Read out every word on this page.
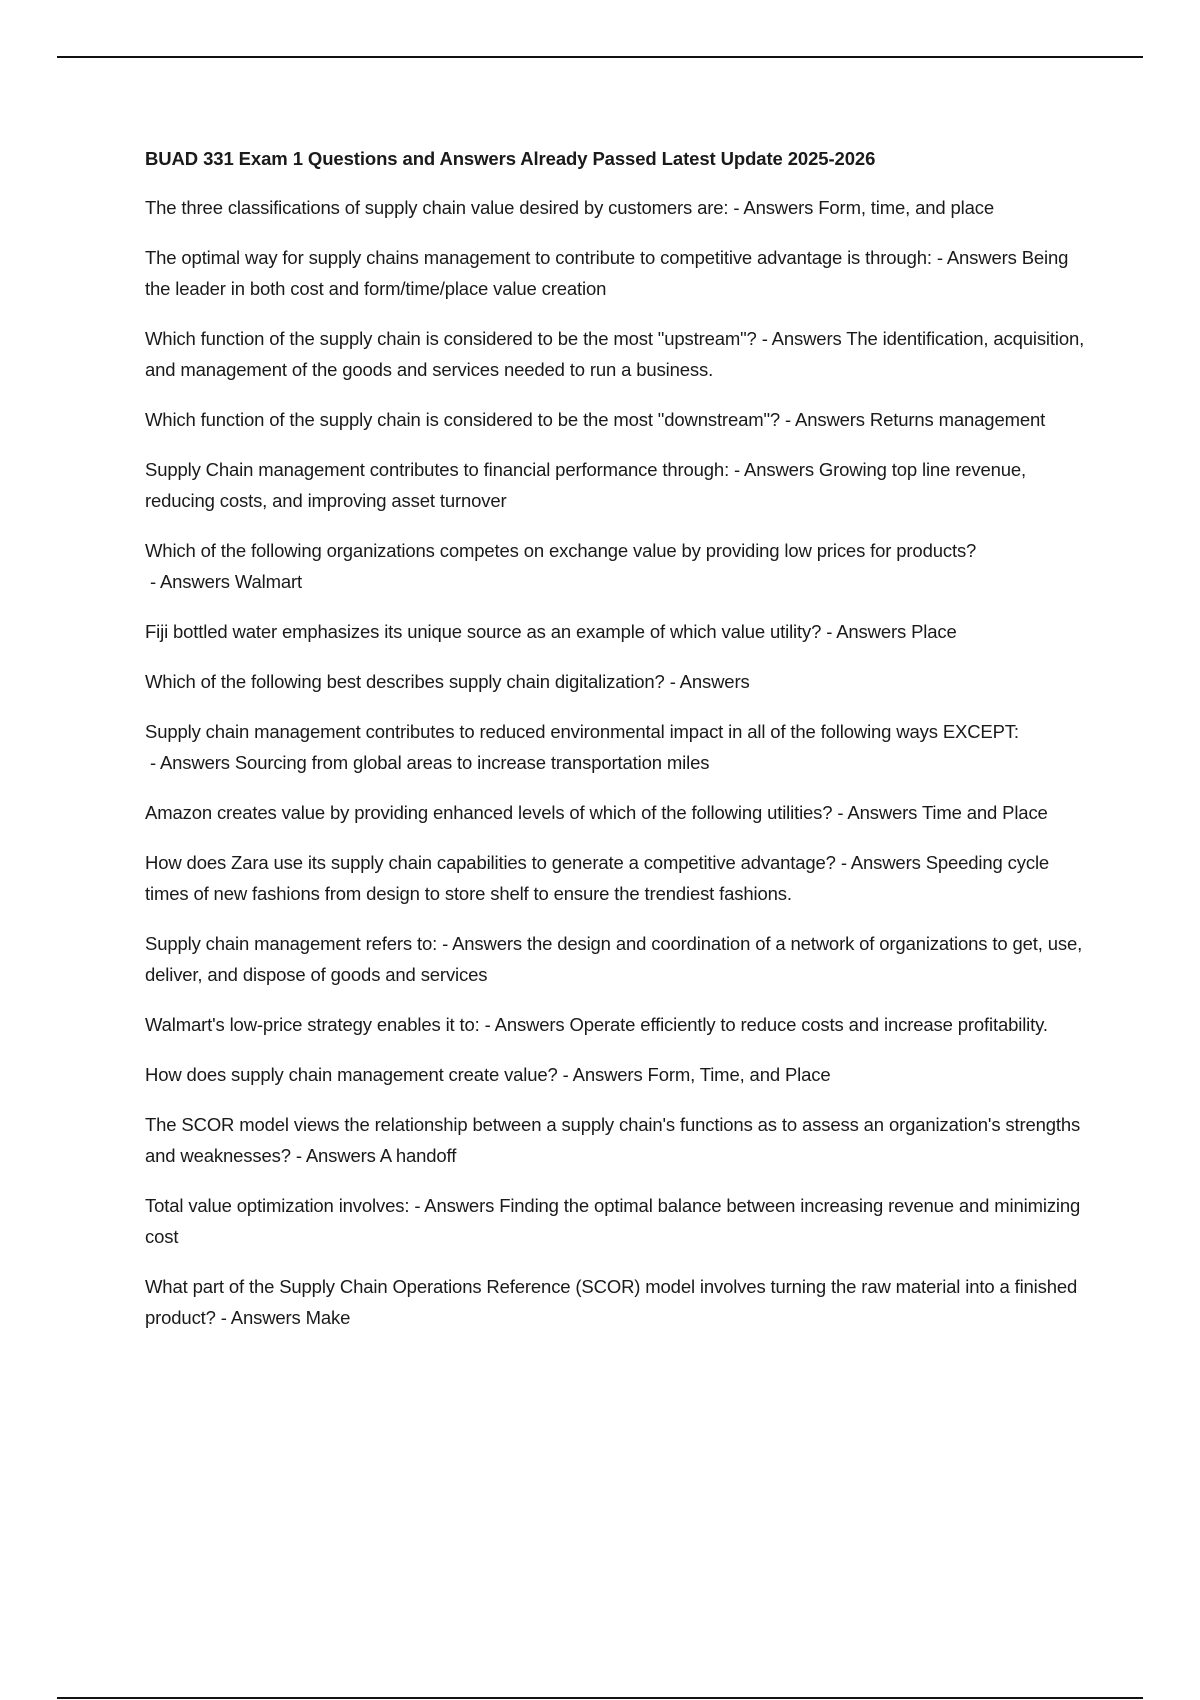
BUAD 331 Exam 1 Questions and Answers Already Passed Latest Update 2025-2026

The three classifications of supply chain value desired by customers are: - Answers Form, time, and place

The optimal way for supply chains management to contribute to competitive advantage is through: - Answers Being the leader in both cost and form/time/place value creation

Which function of the supply chain is considered to be the most "upstream"? - Answers The identification, acquisition, and management of the goods and services needed to run a business.

Which function of the supply chain is considered to be the most "downstream"? - Answers Returns management

Supply Chain management contributes to financial performance through: - Answers Growing top line revenue, reducing costs, and improving asset turnover

Which of the following organizations competes on exchange value by providing low prices for products? - Answers Walmart

Fiji bottled water emphasizes its unique source as an example of which value utility? - Answers Place

Which of the following best describes supply chain digitalization? - Answers

Supply chain management contributes to reduced environmental impact in all of the following ways EXCEPT: - Answers Sourcing from global areas to increase transportation miles

Amazon creates value by providing enhanced levels of which of the following utilities? - Answers Time and Place

How does Zara use its supply chain capabilities to generate a competitive advantage? - Answers Speeding cycle times of new fashions from design to store shelf to ensure the trendiest fashions.

Supply chain management refers to: - Answers the design and coordination of a network of organizations to get, use, deliver, and dispose of goods and services

Walmart's low-price strategy enables it to: - Answers Operate efficiently to reduce costs and increase profitability.

How does supply chain management create value? - Answers Form, Time, and Place

The SCOR model views the relationship between a supply chain's functions as to assess an organization's strengths and weaknesses? - Answers A handoff

Total value optimization involves: - Answers Finding the optimal balance between increasing revenue and minimizing cost

What part of the Supply Chain Operations Reference (SCOR) model involves turning the raw material into a finished product? - Answers Make
